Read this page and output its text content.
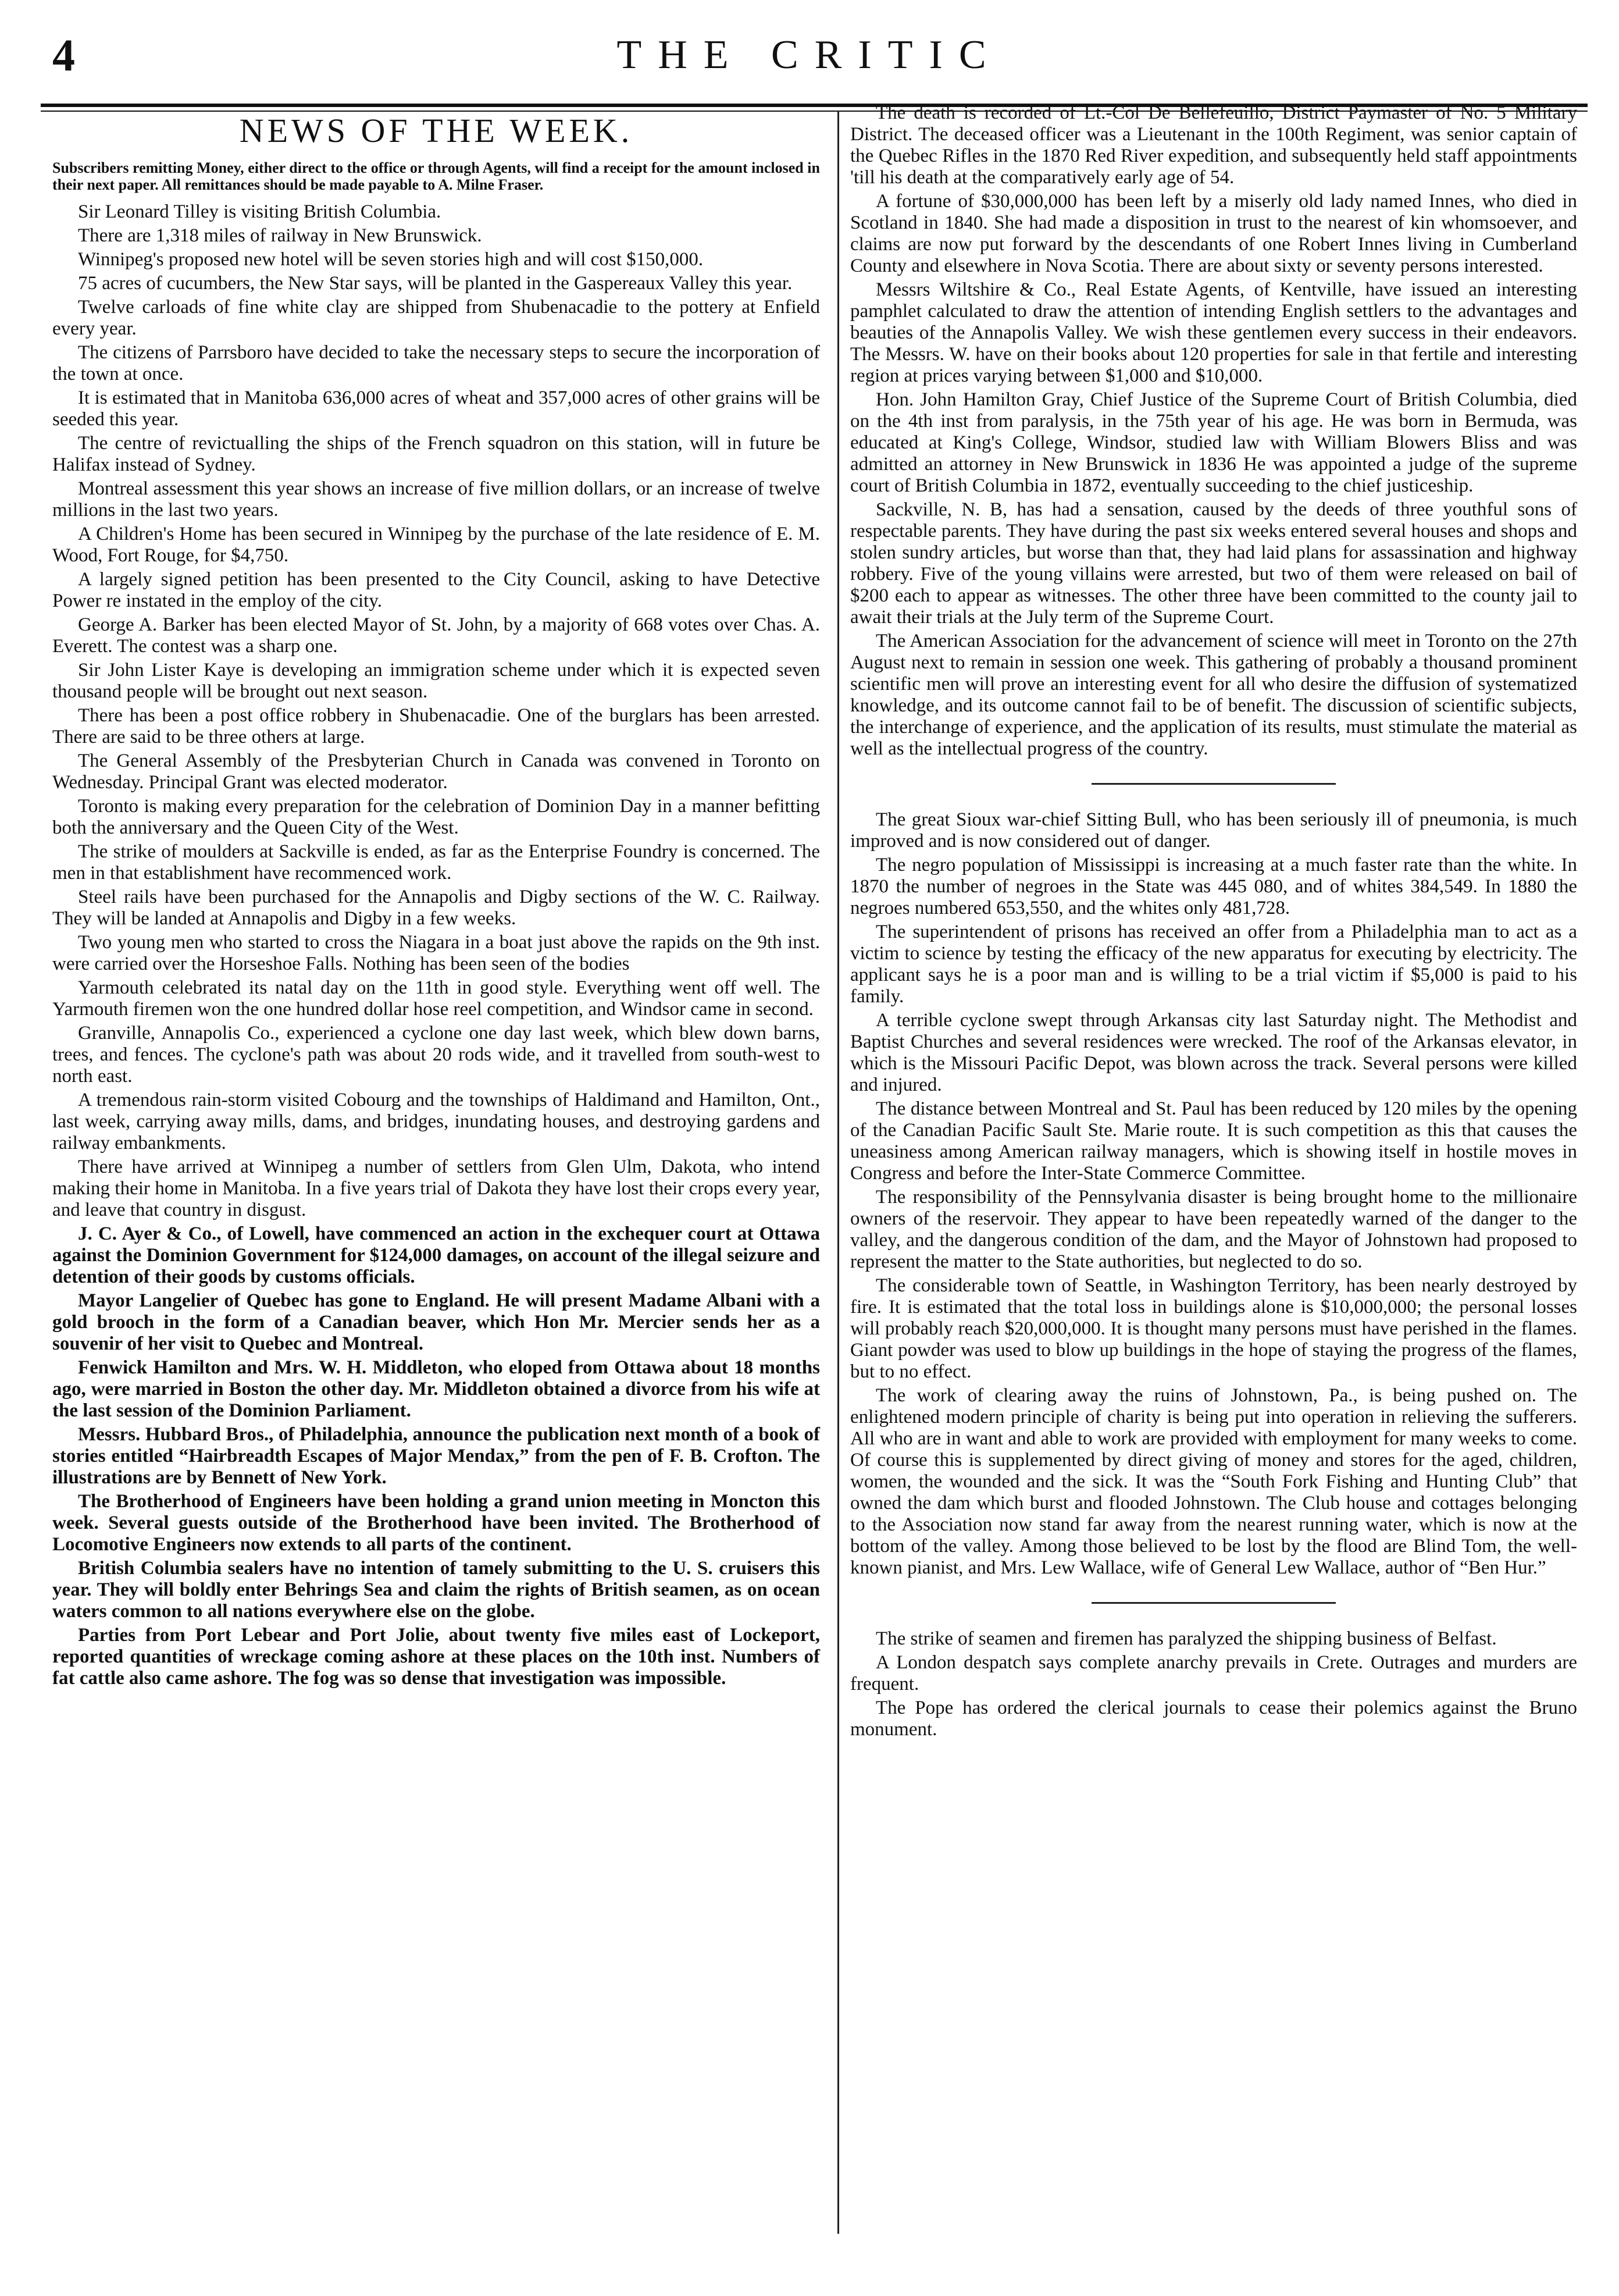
4	THE CRITIC
NEWS OF THE WEEK.
Subscribers remitting Money, either direct to the office or through Agents, will find a receipt for the amount inclosed in their next paper. All remittances should be made payable to A. Milne Fraser.

Sir Leonard Tilley is visiting British Columbia.

There are 1,318 miles of railway in New Brunswick.

Winnipeg's proposed new hotel will be seven stories high and will cost $150,000.

75 acres of cucumbers, the New Star says, will be planted in the Gaspereaux Valley this year.

Twelve carloads of fine white clay are shipped from Shubenacadie to the pottery at Enfield every year.

The citizens of Parrsboro have decided to take the necessary steps to secure the incorporation of the town at once.

It is estimated that in Manitoba 636,000 acres of wheat and 357,000 acres of other grains will be seeded this year.

The centre of revictualling the ships of the French squadron on this station, will in future be Halifax instead of Sydney.

Montreal assessment this year shows an increase of five million dollars, or an increase of twelve millions in the last two years.

A Children's Home has been secured in Winnipeg by the purchase of the late residence of E. M. Wood, Fort Rouge, for $4,750.

A largely signed petition has been presented to the City Council, asking to have Detective Power re instated in the employ of the city.

George A. Barker has been elected Mayor of St. John, by a majority of 668 votes over Chas. A. Everett. The contest was a sharp one.

Sir John Lister Kaye is developing an immigration scheme under which it is expected seven thousand people will be brought out next season.

There has been a post office robbery in Shubenacadie. One of the burglars has been arrested. There are said to be three others at large.

The General Assembly of the Presbyterian Church in Canada was convened in Toronto on Wednesday. Principal Grant was elected moderator.

Toronto is making every preparation for the celebration of Dominion Day in a manner befitting both the anniversary and the Queen City of the West.

The strike of moulders at Sackville is ended, as far as the Enterprise Foundry is concerned. The men in that establishment have recommenced work.

Steel rails have been purchased for the Annapolis and Digby sections of the W. C. Railway. They will be landed at Annapolis and Digby in a few weeks.

Two young men who started to cross the Niagara in a boat just above the rapids on the 9th inst. were carried over the Horseshoe Falls. Nothing has been seen of the bodies

Yarmouth celebrated its natal day on the 11th in good style. Everything went off well. The Yarmouth firemen won the one hundred dollar hose reel competition, and Windsor came in second.

Granville, Annapolis Co., experienced a cyclone one day last week, which blew down barns, trees, and fences. The cyclone's path was about 20 rods wide, and it travelled from south-west to north east.

A tremendous rain-storm visited Cobourg and the townships of Haldimand and Hamilton, Ont., last week, carrying away mills, dams, and bridges, inundating houses, and destroying gardens and railway embankments.

There have arrived at Winnipeg a number of settlers from Glen Ulm, Dakota, who intend making their home in Manitoba. In a five years trial of Dakota they have lost their crops every year, and leave that country in disgust.

J. C. Ayer & Co., of Lowell, have commenced an action in the exchequer court at Ottawa against the Dominion Government for $124,000 damages, on account of the illegal seizure and detention of their goods by customs officials.

Mayor Langelier of Quebec has gone to England. He will present Madame Albani with a gold brooch in the form of a Canadian beaver, which Hon Mr. Mercier sends her as a souvenir of her visit to Quebec and Montreal.

Fenwick Hamilton and Mrs. W. H. Middleton, who eloped from Ottawa about 18 months ago, were married in Boston the other day. Mr. Middleton obtained a divorce from his wife at the last session of the Dominion Parliament.

Messrs. Hubbard Bros., of Philadelphia, announce the publication next month of a book of stories entitled “Hairbreadth Escapes of Major Mendax,” from the pen of F. B. Crofton. The illustrations are by Bennett of New York.

The Brotherhood of Engineers have been holding a grand union meeting in Moncton this week. Several guests outside of the Brotherhood have been invited. The Brotherhood of Locomotive Engineers now extends to all parts of the continent.

British Columbia sealers have no intention of tamely submitting to the U. S. cruisers this year. They will boldly enter Behrings Sea and claim the rights of British seamen, as on ocean waters common to all nations everywhere else on the globe.

Parties from Port Lebear and Port Jolie, about twenty five miles east of Lockeport, reported quantities of wreckage coming ashore at these places on the 10th inst. Numbers of fat cattle also came ashore. The fog was so dense that investigation was impossible.

The death is recorded of Lt.-Col De Bellefeuillo, District Paymaster of No. 5 Military District. The deceased officer was a Lieutenant in the 100th Regiment, was senior captain of the Quebec Rifles in the 1870 Red River expedition, and subsequently held staff appointments 'till his death at the comparatively early age of 54.

A fortune of $30,000,000 has been left by a miserly old lady named Innes, who died in Scotland in 1840. She had made a disposition in trust to the nearest of kin whomsoever, and claims are now put forward by the descendants of one Robert Innes living in Cumberland County and elsewhere in Nova Scotia. There are about sixty or seventy persons interested.

Messrs Wiltshire & Co., Real Estate Agents, of Kentville, have issued an interesting pamphlet calculated to draw the attention of intending English settlers to the advantages and beauties of the Annapolis Valley. We wish these gentlemen every success in their endeavors. The Messrs. W. have on their books about 120 properties for sale in that fertile and interesting region at prices varying between $1,000 and $10,000.

Hon. John Hamilton Gray, Chief Justice of the Supreme Court of British Columbia, died on the 4th inst from paralysis, in the 75th year of his age. He was born in Bermuda, was educated at King's College, Windsor, studied law with William Blowers Bliss and was admitted an attorney in New Brunswick in 1836 He was appointed a judge of the supreme court of British Columbia in 1872, eventually succeeding to the chief justiceship.

Sackville, N. B, has had a sensation, caused by the deeds of three youthful sons of respectable parents. They have during the past six weeks entered several houses and shops and stolen sundry articles, but worse than that, they had laid plans for assassination and highway robbery. Five of the young villains were arrested, but two of them were released on bail of $200 each to appear as witnesses. The other three have been committed to the county jail to await their trials at the July term of the Supreme Court.

The American Association for the advancement of science will meet in Toronto on the 27th August next to remain in session one week. This gathering of probably a thousand prominent scientific men will prove an interesting event for all who desire the diffusion of systematized knowledge, and its outcome cannot fail to be of benefit. The discussion of scientific subjects, the interchange of experience, and the application of its results, must stimulate the material as well as the intellectual progress of the country.

The great Sioux war-chief Sitting Bull, who has been seriously ill of pneumonia, is much improved and is now considered out of danger.

The negro population of Mississippi is increasing at a much faster rate than the white. In 1870 the number of negroes in the State was 445 080, and of whites 384,549. In 1880 the negroes numbered 653,550, and the whites only 481,728.

The superintendent of prisons has received an offer from a Philadelphia man to act as a victim to science by testing the efficacy of the new apparatus for executing by electricity. The applicant says he is a poor man and is willing to be a trial victim if $5,000 is paid to his family.

A terrible cyclone swept through Arkansas city last Saturday night. The Methodist and Baptist Churches and several residences were wrecked. The roof of the Arkansas elevator, in which is the Missouri Pacific Depot, was blown across the track. Several persons were killed and injured.

The distance between Montreal and St. Paul has been reduced by 120 miles by the opening of the Canadian Pacific Sault Ste. Marie route. It is such competition as this that causes the uneasiness among American railway managers, which is showing itself in hostile moves in Congress and before the Inter-State Commerce Committee.

The responsibility of the Pennsylvania disaster is being brought home to the millionaire owners of the reservoir. They appear to have been repeatedly warned of the danger to the valley, and the dangerous condition of the dam, and the Mayor of Johnstown had proposed to represent the matter to the State authorities, but neglected to do so.

The considerable town of Seattle, in Washington Territory, has been nearly destroyed by fire. It is estimated that the total loss in buildings alone is $10,000,000; the personal losses will probably reach $20,000,000. It is thought many persons must have perished in the flames. Giant powder was used to blow up buildings in the hope of staying the progress of the flames, but to no effect.

The work of clearing away the ruins of Johnstown, Pa., is being pushed on. The enlightened modern principle of charity is being put into operation in relieving the sufferers. All who are in want and able to work are provided with employment for many weeks to come. Of course this is supplemented by direct giving of money and stores for the aged, children, women, the wounded and the sick. It was the “South Fork Fishing and Hunting Club” that owned the dam which burst and flooded Johnstown. The Club house and cottages belonging to the Association now stand far away from the nearest running water, which is now at the bottom of the valley. Among those believed to be lost by the flood are Blind Tom, the well-known pianist, and Mrs. Lew Wallace, wife of General Lew Wallace, author of “Ben Hur.”

The strike of seamen and firemen has paralyzed the shipping business of Belfast.

A London despatch says complete anarchy prevails in Crete. Outrages and murders are frequent.

The Pope has ordered the clerical journals to cease their polemics against the Bruno monument.
